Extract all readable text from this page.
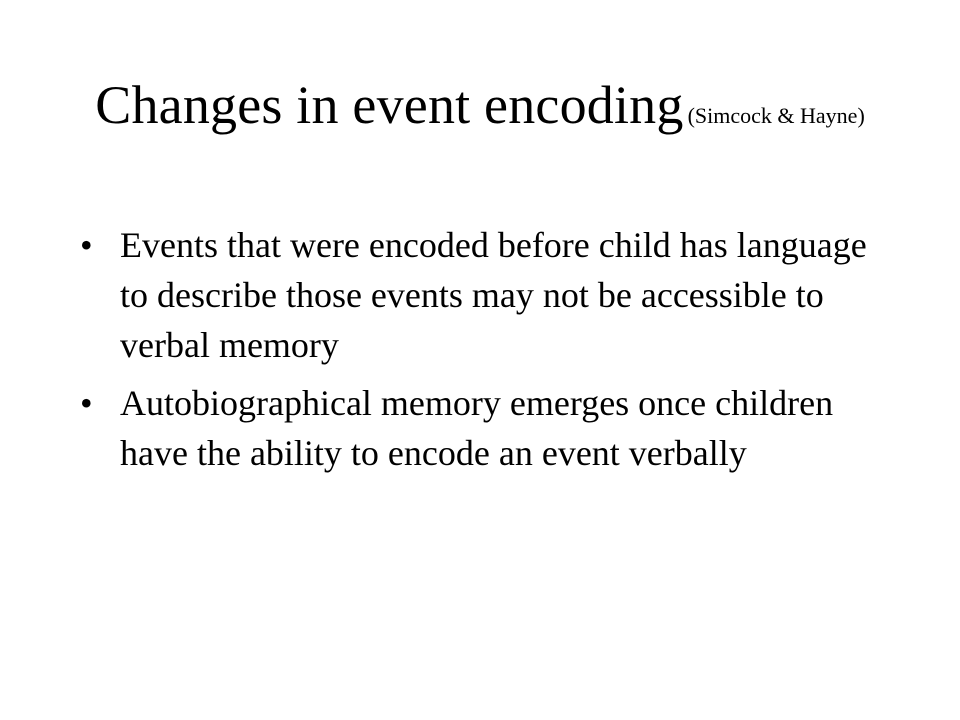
Changes in event encoding (Simcock & Hayne)
• Events that were encoded before child has language to describe those events may not be accessible to verbal memory
• Autobiographical memory emerges once children have the ability to encode an event verbally
